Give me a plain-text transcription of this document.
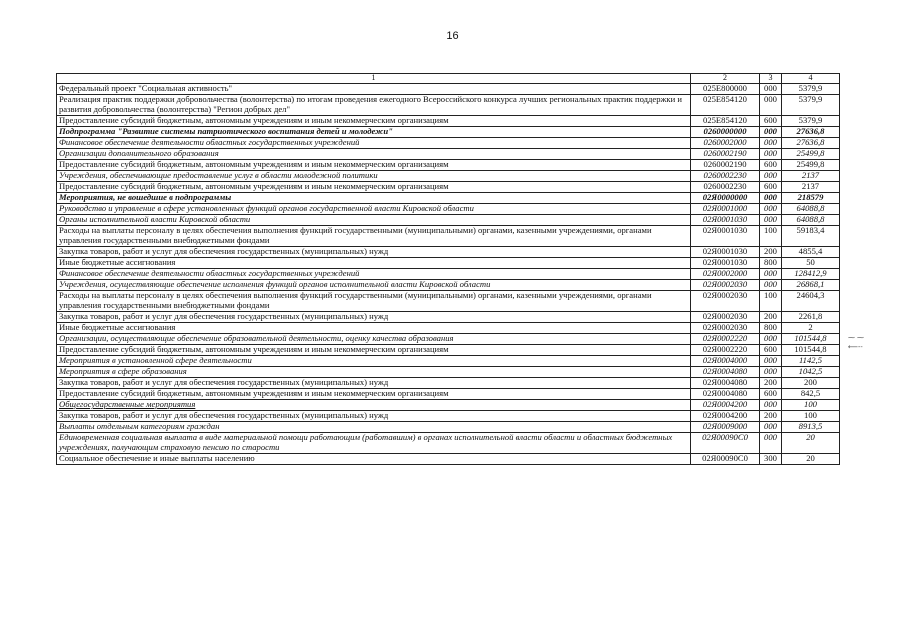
16
1	2	3	4
Федеральный проект "Социальная активность"	025E800000	000	5379,9
Реализация практик поддержки добровольчества (волонтерства) по итогам проведения ежегодного Всероссийского конкурса лучших региональных практик поддержки и развития добровольчества (волонтерства) "Регион добрых дел"	025E854120	000	5379,9
Предоставление субсидий бюджетным, автономным учреждениям и иным некоммерческим организациям	025E854120	600	5379,9
Подпрограмма "Развитие системы патриотического воспитания детей и молодежи"	0260000000	000	27636,8
Финансовое обеспечение деятельности областных государственных учреждений	0260002000	000	27636,8
Организации дополнительного образования	0260002190	000	25499,8
Предоставление субсидий бюджетным, автономным учреждениям и иным некоммерческим организациям	0260002190	600	25499,8
Учреждения, обеспечивающие предоставление услуг в области молодежной политики	0260002230	000	2137
Предоставление субсидий бюджетным, автономным учреждениям и иным некоммерческим организациям	0260002230	600	2137
Мероприятия, не вошедшие в подпрограммы	02Я0000000	000	218579
Руководство и управление в сфере установленных функций органов государственной власти Кировской области	02Я0001000	000	64088,8
Органы исполнительной власти Кировской области	02Я0001030	000	64088,8
Расходы на выплаты персоналу в целях обеспечения выполнения функций государственными (муниципальными) органами, казенными учреждениями, органами управления государственными внебюджетными фондами	02Я0001030	100	59183,4
Закупка товаров, работ и услуг для обеспечения государственных (муниципальных) нужд	02Я0001030	200	4855,4
Иные бюджетные ассигнования	02Я0001030	800	50
Финансовое обеспечение деятельности областных государственных учреждений	02Я0002000	000	128412,9
Учреждения, осуществляющие обеспечение исполнения функций органов исполнительной власти Кировской области	02Я0002030	000	26868,1
Расходы на выплаты персоналу в целях обеспечения выполнения функций государственными (муниципальными) органами, казенными учреждениями, органами управления государственными внебюджетными фондами	02Я0002030	100	24604,3
Закупка товаров, работ и услуг для обеспечения государственных (муниципальных) нужд	02Я0002030	200	2261,8
Иные бюджетные ассигнования	02Я0002030	800	2
Организации, осуществляющие обеспечение образовательной деятельности, оценку качества образования	02Я0002220	000	101544,8
Предоставление субсидий бюджетным, автономным учреждениям и иным некоммерческим организациям	02Я0002220	600	101544,8
Мероприятия в установленной сфере деятельности	02Я0004000	000	1142,5
Мероприятия в сфере образования	02Я0004080	000	1042,5
Закупка товаров, работ и услуг для обеспечения государственных (муниципальных) нужд	02Я0004080	200	200
Предоставление субсидий бюджетным, автономным учреждениям и иным некоммерческим организациям	02Я0004080	600	842,5
Общегосударственные мероприятия	02Я0004200	000	100
Закупка товаров, работ и услуг для обеспечения государственных (муниципальных) нужд	02Я0004200	200	100
Выплаты отдельным категориям граждан	02Я0009000	000	8913,5
Единовременная социальная выплата в виде материальной помощи работающим (работавшим) в органах исполнительной власти области и областных бюджетных учреждениях, получающим страховую пенсию по старости	02Я00090С0	000	20
Социальное обеспечение и иные выплаты населению	02Я00090С0	300	20
⁓ ⁓
⟵‑‑
